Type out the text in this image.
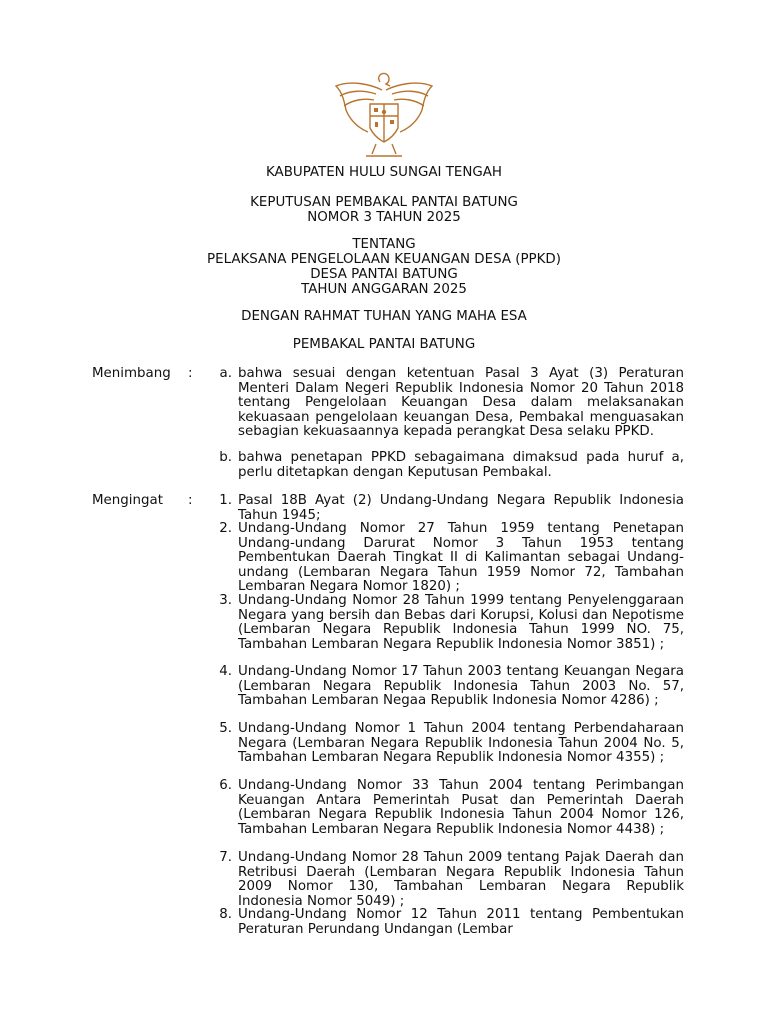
KABUPATEN HULU SUNGAI TENGAH
KEPUTUSAN PEMBAKAL PANTAI BATUNG
NOMOR 3 TAHUN 2025
TENTANG
PELAKSANA PENGELOLAAN KEUANGAN DESA (PPKD)
DESA PANTAI BATUNG
TAHUN ANGGARAN 2025
DENGAN RAHMAT TUHAN YANG MAHA ESA
PEMBAKAL PANTAI BATUNG
Menimbang	:	a. bahwa sesuai dengan ketentuan Pasal 3 Ayat (3) Peraturan Menteri Dalam Negeri Republik Indonesia Nomor 20 Tahun 2018 tentang Pengelolaan Keuangan Desa dalam melaksanakan kekuasaan pengelolaan keuangan Desa, Pembakal menguasakan sebagian kekuasaannya kepada perangkat Desa selaku PPKD.
b. bahwa penetapan PPKD sebagaimana dimaksud pada huruf a, perlu ditetapkan dengan Keputusan Pembakal.
Mengingat	:	1. Pasal 18B Ayat (2) Undang-Undang Negara Republik Indonesia Tahun 1945;
2. Undang-Undang Nomor 27 Tahun 1959 tentang Penetapan Undang-undang Darurat Nomor 3 Tahun 1953 tentang Pembentukan Daerah Tingkat II di Kalimantan sebagai Undang-undang (Lembaran Negara Tahun 1959 Nomor 72, Tambahan Lembaran Negara Nomor 1820) ;
3. Undang-Undang Nomor 28 Tahun 1999 tentang Penyelenggaraan Negara yang bersih dan Bebas dari Korupsi, Kolusi dan Nepotisme (Lembaran Negara Republik Indonesia Tahun 1999 NO. 75, Tambahan Lembaran Negara Republik Indonesia Nomor 3851) ;
4. Undang-Undang Nomor 17 Tahun 2003 tentang Keuangan Negara (Lembaran Negara Republik Indonesia Tahun 2003 No. 57, Tambahan Lembaran Negaa Republik Indonesia Nomor 4286) ;
5. Undang-Undang Nomor 1 Tahun 2004 tentang Perbendaharaan Negara (Lembaran Negara Republik Indonesia Tahun 2004 No. 5, Tambahan Lembaran Negara Republik Indonesia Nomor 4355) ;
6. Undang-Undang Nomor 33 Tahun 2004 tentang Perimbangan Keuangan Antara Pemerintah Pusat dan Pemerintah Daerah (Lembaran Negara Republik Indonesia Tahun 2004 Nomor 126, Tambahan Lembaran Negara Republik Indonesia Nomor 4438) ;
7. Undang-Undang Nomor 28 Tahun 2009 tentang Pajak Daerah dan Retribusi Daerah (Lembaran Negara Republik Indonesia Tahun 2009 Nomor 130, Tambahan Lembaran Negara Republik Indonesia Nomor 5049) ;
8. Undang-Undang Nomor 12 Tahun 2011 tentang Pembentukan Peraturan Perundang Undangan (Lembar
